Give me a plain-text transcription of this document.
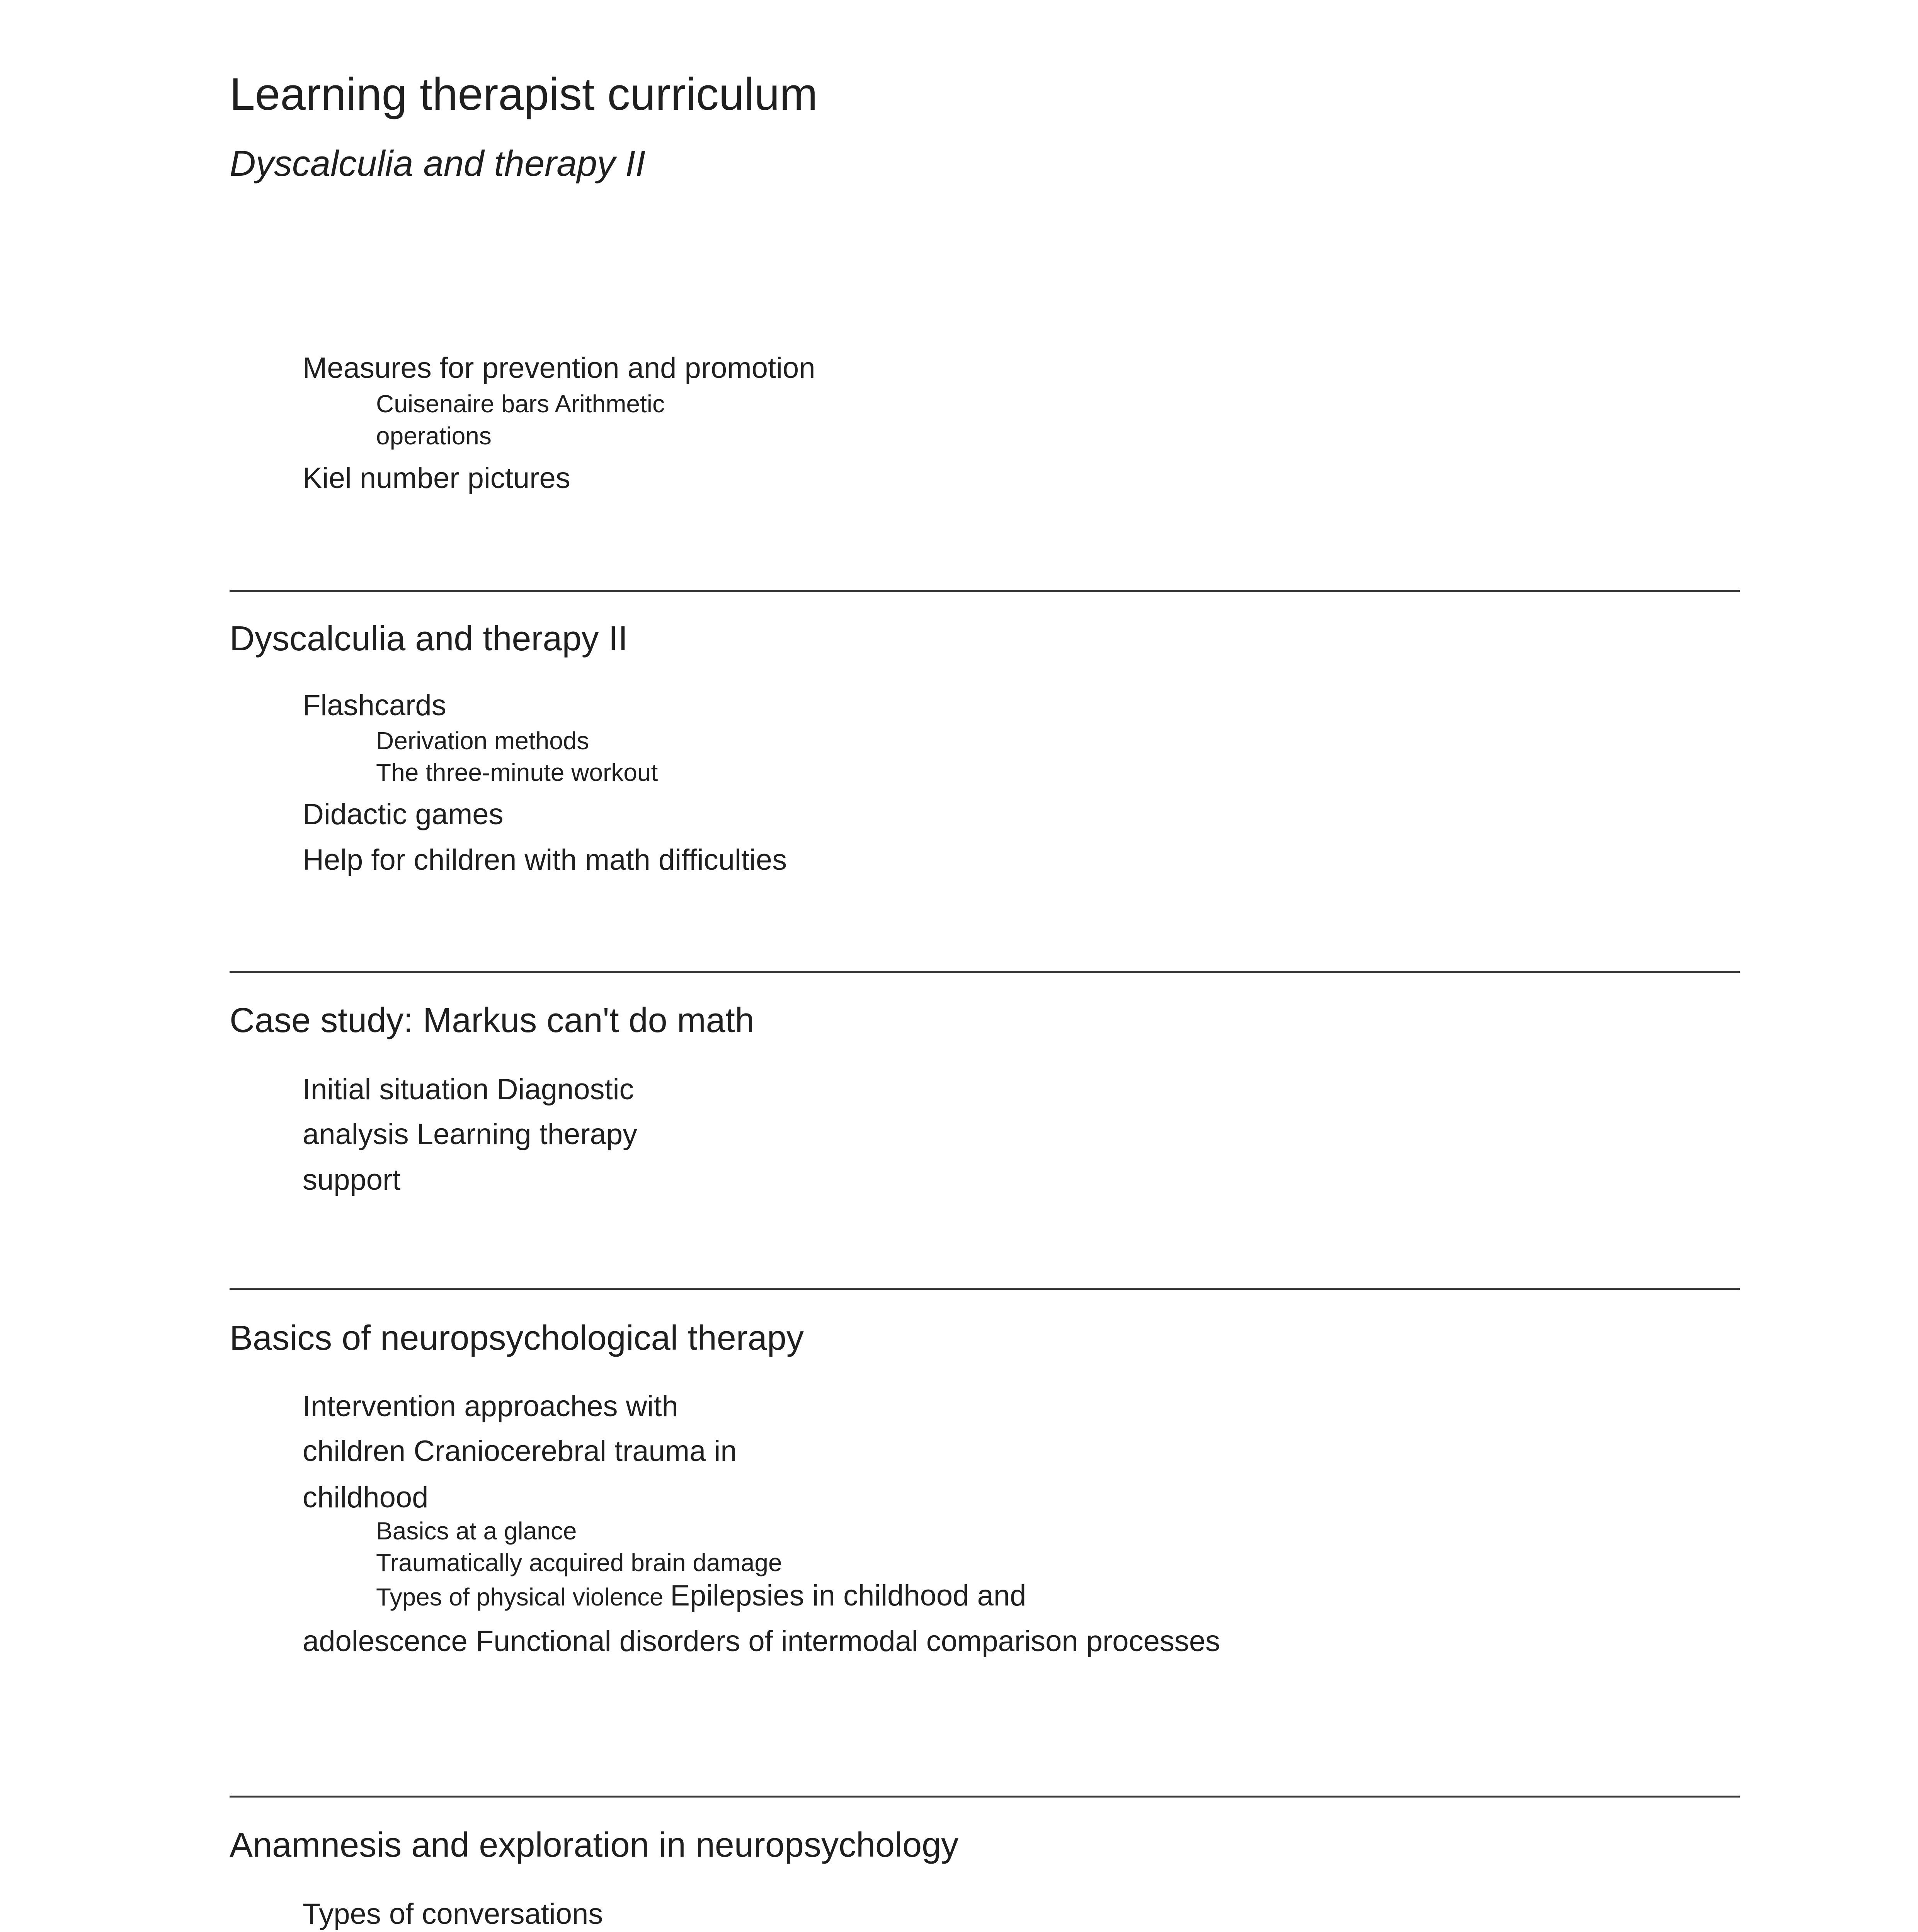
Learning therapist curriculum
Dyscalculia and therapy II
Measures for prevention and promotion
Cuisenaire bars Arithmetic
operations
Kiel number pictures
Dyscalculia and therapy II
Flashcards
Derivation methods
The three-minute workout
Didactic games
Help for children with math difficulties
Case study: Markus can't do math
Initial situation Diagnostic
analysis Learning therapy
support
Basics of neuropsychological therapy
Intervention approaches with
children Craniocerebral trauma in
childhood
Basics at a glance
Traumatically acquired brain damage
Types of physical violence Epilepsies in childhood and
adolescence Functional disorders of intermodal comparison processes
Anamnesis and exploration in neuropsychology
Types of conversations
